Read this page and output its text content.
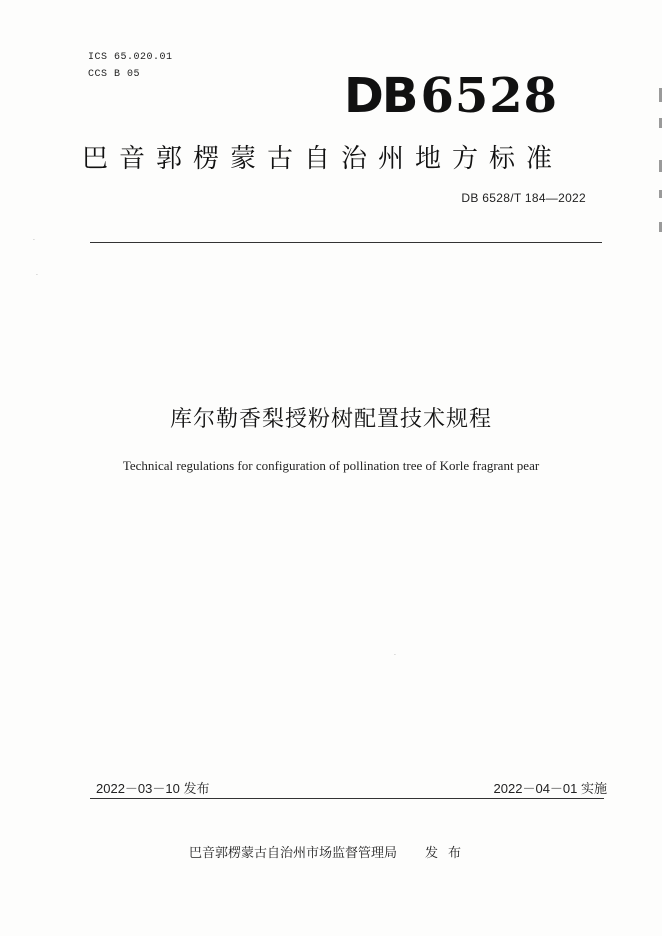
ICS 65.020.01
CCS B 05	DB6528
巴音郭楞蒙古自治州地方标准
DB 6528/T 184—2022
库尔勒香梨授粉树配置技术规程
Technical regulations for configuration of pollination tree of Korle fragrant pear
2022－03－10 发布	2022－04－01 实施
巴音郭楞蒙古自治州市场监督管理局 发布
·
·
·
